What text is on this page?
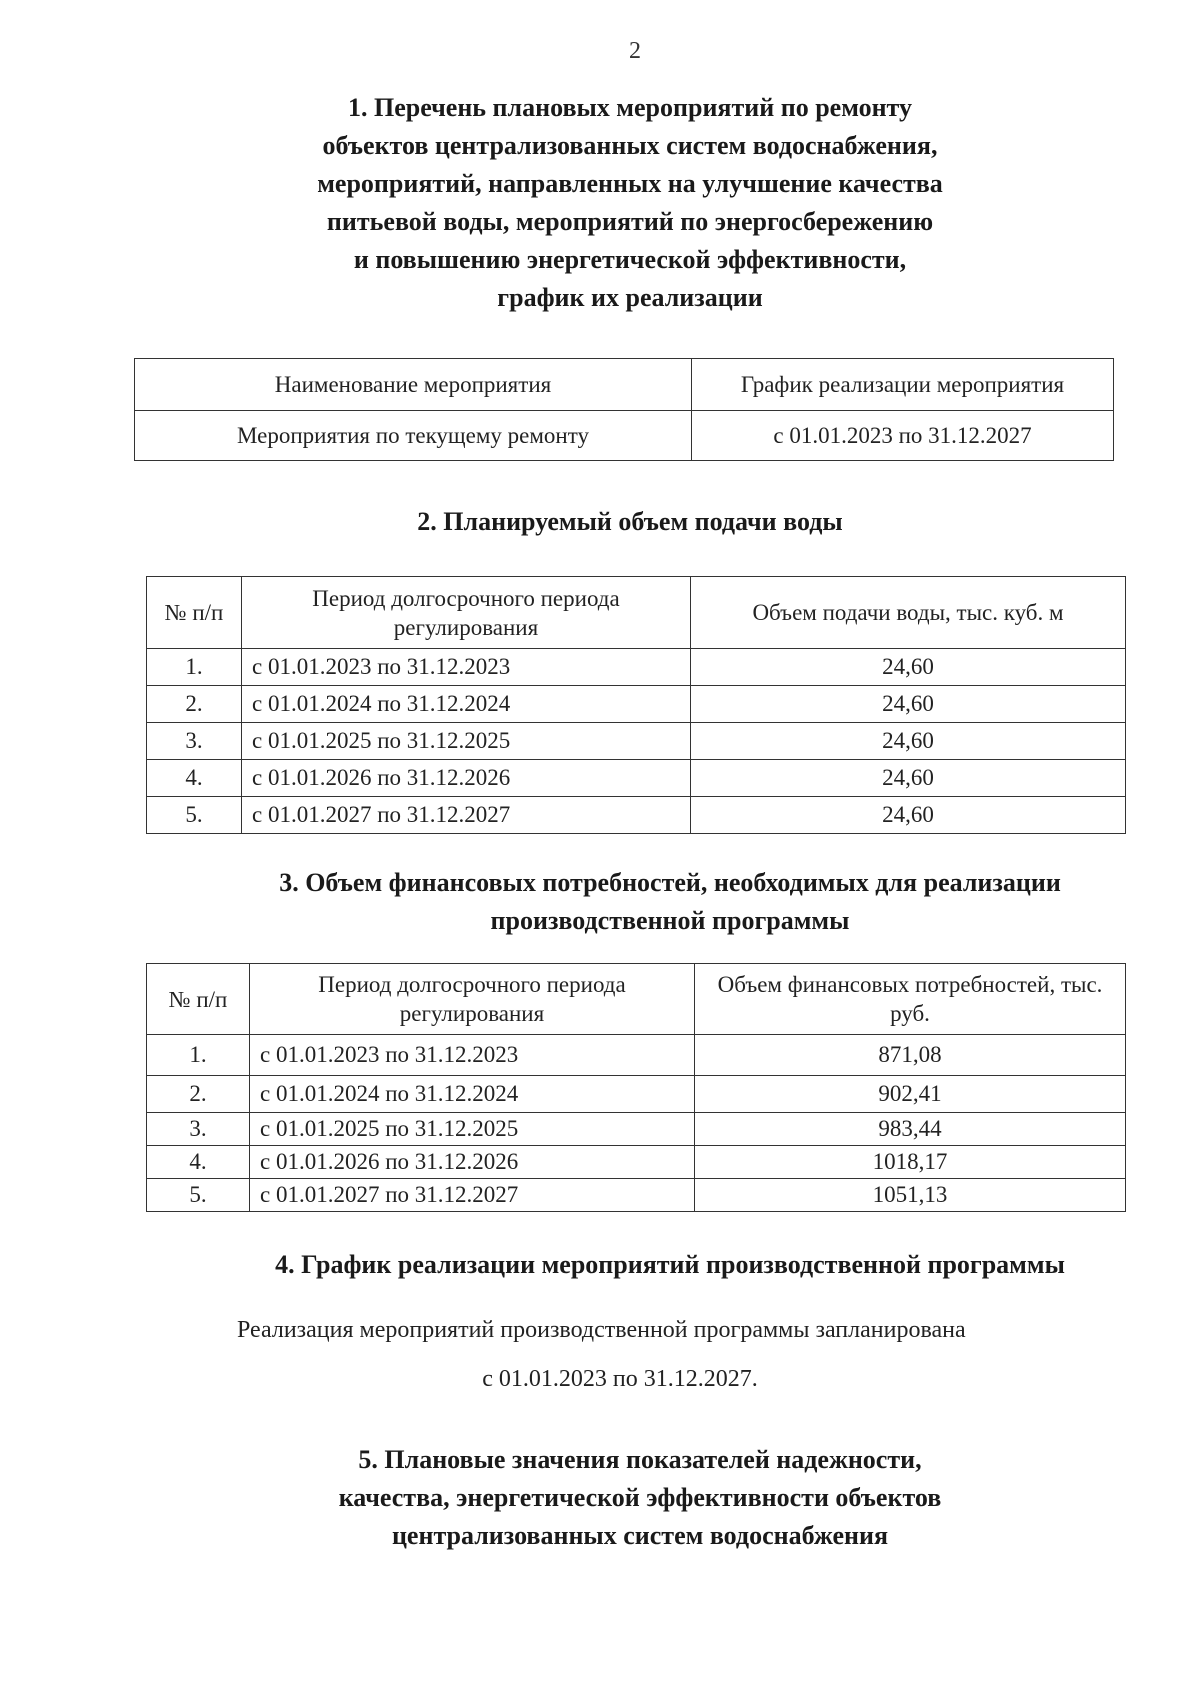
2
1. Перечень плановых мероприятий по ремонту
объектов централизованных систем водоснабжения,
мероприятий, направленных на улучшение качества
питьевой воды, мероприятий по энергосбережению
и повышению энергетической эффективности,
график их реализации
Наименование мероприятия	График реализации мероприятия
Мероприятия по текущему ремонту	с 01.01.2023 по 31.12.2027
2. Планируемый объем подачи воды
№ п/п	Период долгосрочного периода регулирования	Объем подачи воды, тыс. куб. м
1.	с 01.01.2023 по 31.12.2023	24,60
2.	с 01.01.2024 по 31.12.2024	24,60
3.	с 01.01.2025 по 31.12.2025	24,60
4.	с 01.01.2026 по 31.12.2026	24,60
5.	с 01.01.2027 по 31.12.2027	24,60
3. Объем финансовых потребностей, необходимых для реализации
производственной программы
№ п/п	Период долгосрочного периода регулирования	Объем финансовых потребностей, тыс. руб.
1.	с 01.01.2023 по 31.12.2023	871,08
2.	с 01.01.2024 по 31.12.2024	902,41
3.	с 01.01.2025 по 31.12.2025	983,44
4.	с 01.01.2026 по 31.12.2026	1018,17
5.	с 01.01.2027 по 31.12.2027	1051,13
4. График реализации мероприятий производственной программы
Реализация мероприятий производственной программы запланирована
с 01.01.2023 по 31.12.2027.
5. Плановые значения показателей надежности,
качества, энергетической эффективности объектов
централизованных систем водоснабжения
